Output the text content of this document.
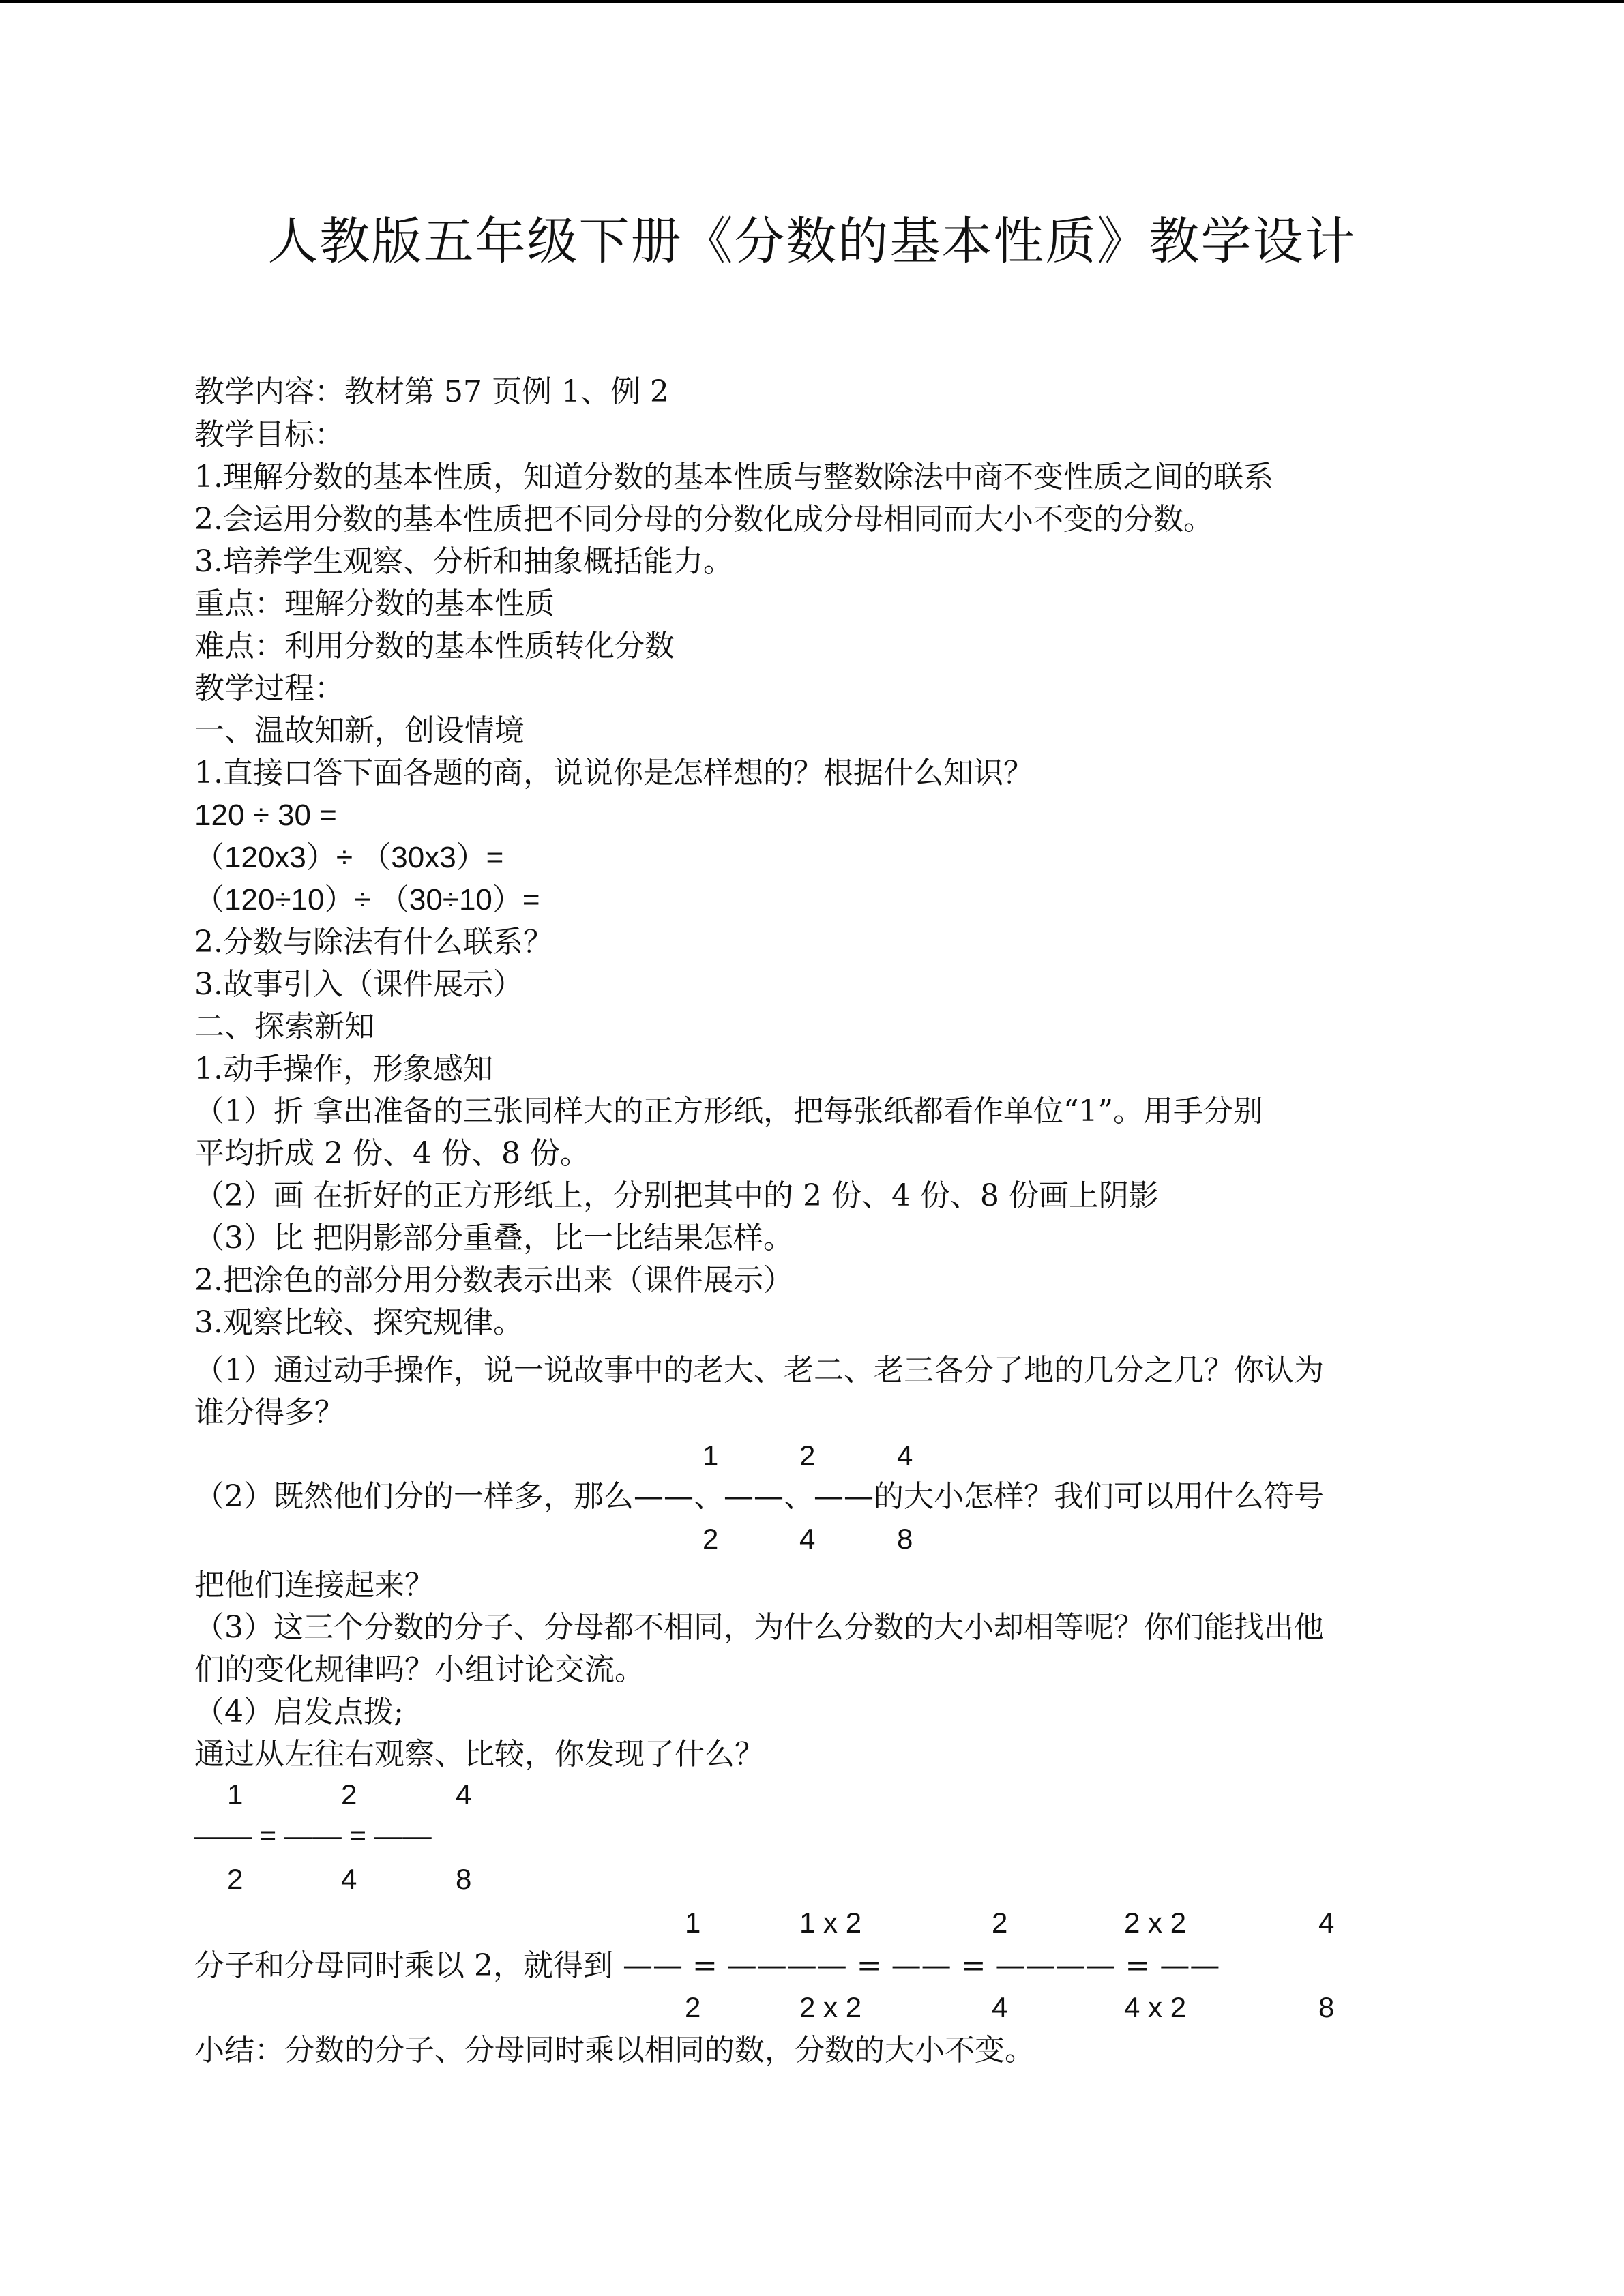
人教版五年级下册《分数的基本性质》教学设计
教学内容：教材第 57 页例 1、例 2
教学目标：
1.理解分数的基本性质，知道分数的基本性质与整数除法中商不变性质之间的联系
2.会运用分数的基本性质把不同分母的分数化成分母相同而大小不变的分数。
3.培养学生观察、分析和抽象概括能力。
重点：理解分数的基本性质
难点：利用分数的基本性质转化分数
教学过程：
一、温故知新，创设情境
1.直接口答下面各题的商，说说你是怎样想的？根据什么知识？
120 ÷ 30 =
（120x3）÷ （30x3）=
（120÷10）÷ （30÷10）=
2.分数与除法有什么联系？
3.故事引入（课件展示）
二、探索新知
1.动手操作，形象感知
（1）折 拿出准备的三张同样大的正方形纸，把每张纸都看作单位“1”。用手分别
平均折成 2 份、4 份、8 份。
（2）画 在折好的正方形纸上，分别把其中的 2 份、4 份、8 份画上阴影
（3）比 把阴影部分重叠，比一比结果怎样。
2.把涂色的部分用分数表示出来（课件展示）
3.观察比较、探究规律。
（1）通过动手操作，说一说故事中的老大、老二、老三各分了地的几分之几？你认为
谁分得多？
1	2	4
（2）既然他们分的一样多，那么——、——、——的大小怎样？我们可以用什么符号
2	4	8
把他们连接起来？
（3）这三个分数的分子、分母都不相同，为什么分数的大小却相等呢？你们能找出他
们的变化规律吗？小组讨论交流。
（4）启发点拨;
通过从左往右观察、比较，你发现了什么？
1	2	4
—— = —— = ——
2	4	8
1	1 x 2	2	2 x 2	4
分子和分母同时乘以 2，就得到 —— = ———— = —— = ———— = ——
2	2 x 2	4	4 x 2	8
小结：分数的分子、分母同时乘以相同的数，分数的大小不变。
